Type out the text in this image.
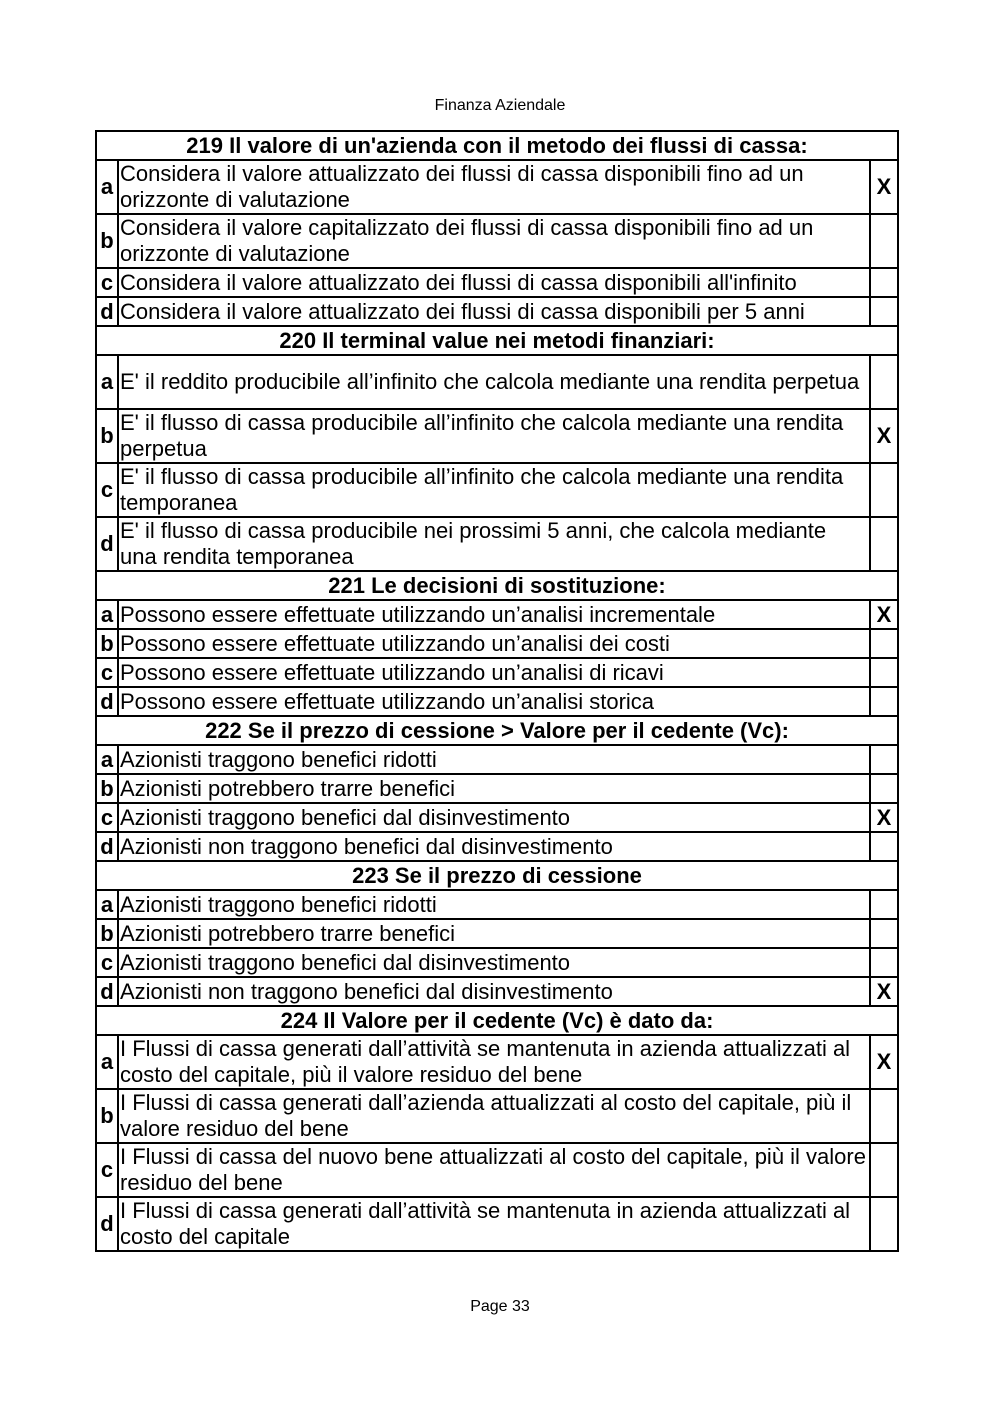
Finanza Aziendale
219 Il valore di un'azienda con il metodo dei flussi di cassa:		
a	Considera il valore attualizzato dei flussi di cassa disponibili fino ad un orizzonte di valutazione	X
b	Considera il valore capitalizzato dei flussi di cassa disponibili fino ad un orizzonte di valutazione	
c	Considera il valore attualizzato dei flussi di cassa disponibili all'infinito	
d	Considera il valore attualizzato dei flussi di cassa disponibili per 5 anni	
220 Il terminal value nei metodi finanziari:		
a	E' il reddito producibile all’infinito che calcola mediante una rendita perpetua	
b	E' il flusso di cassa producibile all’infinito che calcola mediante una rendita perpetua	X
c	E' il flusso di cassa producibile all’infinito che calcola mediante una rendita temporanea	
d	E' il flusso di cassa producibile nei prossimi 5 anni, che calcola mediante una rendita temporanea	
221 Le decisioni di sostituzione:		
a	Possono essere effettuate utilizzando un’analisi incrementale	X
b	Possono essere effettuate utilizzando un’analisi dei costi	
c	Possono essere effettuate utilizzando un’analisi di ricavi	
d	Possono essere effettuate utilizzando un’analisi storica	
222 Se il prezzo di cessione > Valore per il cedente (Vc):		
a	Azionisti traggono benefici ridotti	
b	Azionisti potrebbero trarre benefici	
c	Azionisti traggono benefici dal disinvestimento	X
d	Azionisti non traggono benefici dal disinvestimento	
223 Se il prezzo di cessione		
a	Azionisti traggono benefici ridotti	
b	Azionisti potrebbero trarre benefici	
c	Azionisti traggono benefici dal disinvestimento	
d	Azionisti non traggono benefici dal disinvestimento	X
224 Il Valore per il cedente (Vc) è dato da:		
a	I Flussi di cassa generati dall’attività se mantenuta in azienda attualizzati al costo del capitale, più il valore residuo del bene	X
b	I Flussi di cassa generati dall’azienda attualizzati al costo del capitale, più il valore residuo del bene	
c	I Flussi di cassa del nuovo bene attualizzati al costo del capitale, più il valore residuo del bene	
d	I Flussi di cassa generati dall’attività se mantenuta in azienda attualizzati al costo del capitale	
Page 33
